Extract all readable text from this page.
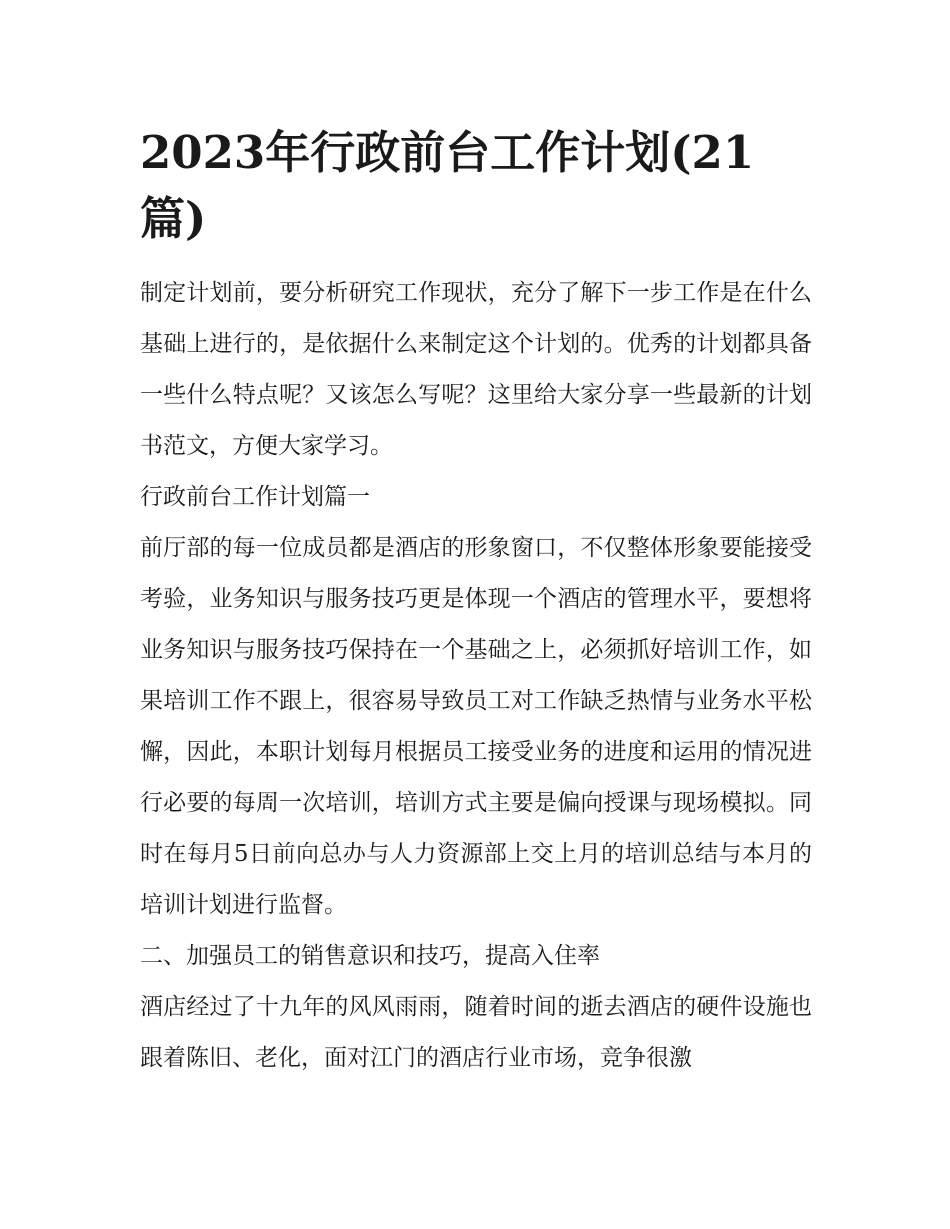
2023年行政前台工作计划(21篇)

制定计划前，要分析研究工作现状，充分了解下一步工作是在什么基础上进行的，是依据什么来制定这个计划的。优秀的计划都具备一些什么特点呢？又该怎么写呢？这里给大家分享一些最新的计划书范文，方便大家学习。

行政前台工作计划篇一

前厅部的每一位成员都是酒店的形象窗口，不仅整体形象要能接受考验，业务知识与服务技巧更是体现一个酒店的管理水平，要想将业务知识与服务技巧保持在一个基础之上，必须抓好培训工作，如果培训工作不跟上，很容易导致员工对工作缺乏热情与业务水平松懈，因此，本职计划每月根据员工接受业务的进度和运用的情况进行必要的每周一次培训，培训方式主要是偏向授课与现场模拟。同时在每月5日前向总办与人力资源部上交上月的培训总结与本月的培训计划进行监督。

二、加强员工的销售意识和技巧，提高入住率

酒店经过了十九年的风风雨雨，随着时间的逝去酒店的硬件设施也跟着陈旧、老化，面对江门的酒店行业市场，竞争很激
